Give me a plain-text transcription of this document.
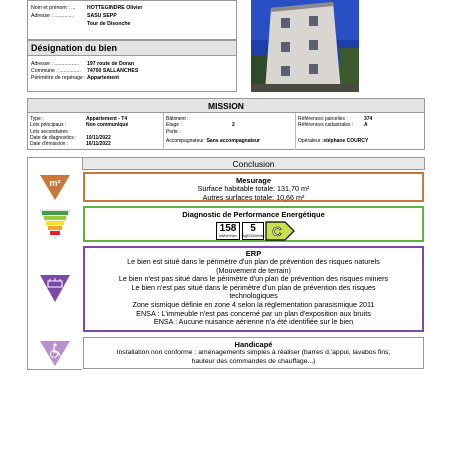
Nom et prénom : ... HOTTEGINDRE Olivier
Adresse : .............	SASU SEPP
Tour de Disonche
Désignation du bien
Adresse : ................. 197 route de Doran
Commune : ............... 74700 SALLANCHES
Périmètre de repérage :Appartement
MISSION
Type :	Appartement - T4
Lots principaux :	Non communiqué
Lots secondaires :
Date de diagnostics : 10/11/2022
Date d'émission :	16/11/2022
Bâtiment :
Etage :	2
Porte :
Accompagnateur :Sans accompagnateur
Références parcelles :	374
Références cadastrales : A
Opérateur :stéphane COURCY
Conclusion
m²	Mesurage
Surface habitable totale: 131,70 m²
Autres surfaces totale: 10,66 m²
Diagnostic de Performance Energétique
158
kWh/m²/an
5
kgCO2/m²/an C
ERP
Le bien est situé dans le périmètre d'un plan de prévention des risques naturels
(Mouvement de terrain)
Le bien n'est pas situé dans le périmètre d'un plan de prévention des risques miniers
Le bien n'est pas situé dans le périmètre d'un plan de prévention des risques
technologiques
Zone sismique définie en zone 4 selon la règlementation parasismique 2011
ENSA : L'immeuble n'est pas concerné par un plan d'exposition aux bruits
ENSA : Aucune nuisance aérienne n'a été identifiée sur le bien
Handicapé
Installation non conforme : aménagements simples à réaliser (barres d,'appui, lavabos fins,
hauteur des commandes de chauffage...)
